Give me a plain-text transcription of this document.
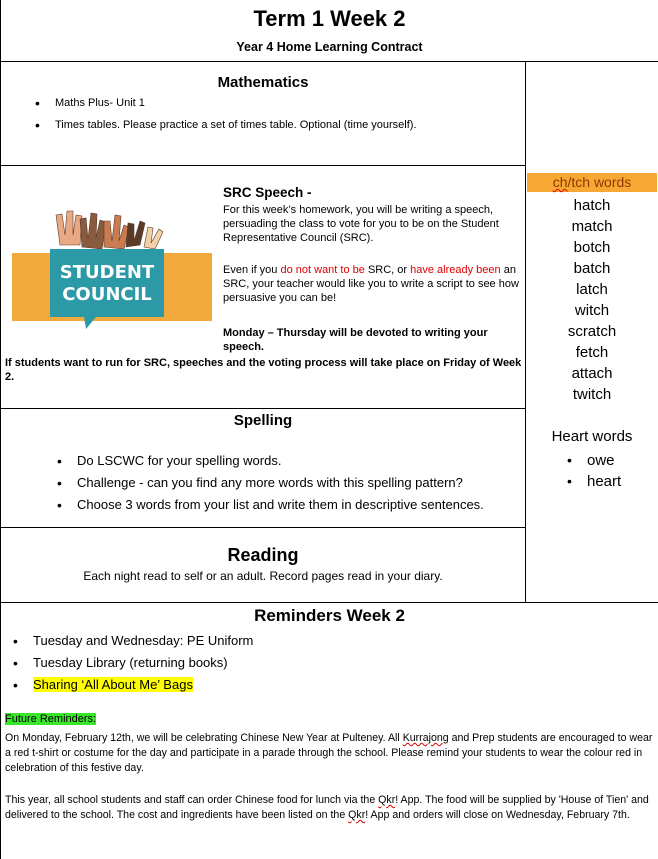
Term 1 Week 2
Year 4 Home Learning Contract
Mathematics
• Maths Plus- Unit 1
• Times tables. Please practice a set of times table. Optional (time yourself).
STUDENT
COUNCIL
SRC Speech -
For this week’s homework, you will be writing a speech, persuading the class to vote for you to be on the Student Representative Council (SRC).
Even if you do not want to be SRC, or have already been an SRC, your teacher would like you to write a script to see how persuasive you can be!
Monday – Thursday will be devoted to writing your speech.
If students want to run for SRC, speeches and the voting process will take place on Friday of Week 2.
Spelling
• Do LSCWC for your spelling words.
• Challenge - can you find any more words with this spelling pattern?
• Choose 3 words from your list and write them in descriptive sentences.
Reading
Each night read to self or an adult. Record pages read in your diary.
ch/tch words
hatch
match
botch
batch
latch
witch
scratch
fetch
attach
twitch
Heart words
• owe
• heart
Reminders Week 2
• Tuesday and Wednesday: PE Uniform
• Tuesday Library (returning books)
• Sharing ‘All About Me’ Bags
Future Reminders:
On Monday, February 12th, we will be celebrating Chinese New Year at Pulteney. All Kurrajong and Prep students are encouraged to wear a red t-shirt or costume for the day and participate in a parade through the school. Please remind your students to wear the colour red in celebration of this festive day.
This year, all school students and staff can order Chinese food for lunch via the Qkr! App. The food will be supplied by 'House of Tien' and delivered to the school. The cost and ingredients have been listed on the Qkr! App and orders will close on Wednesday, February 7th.
